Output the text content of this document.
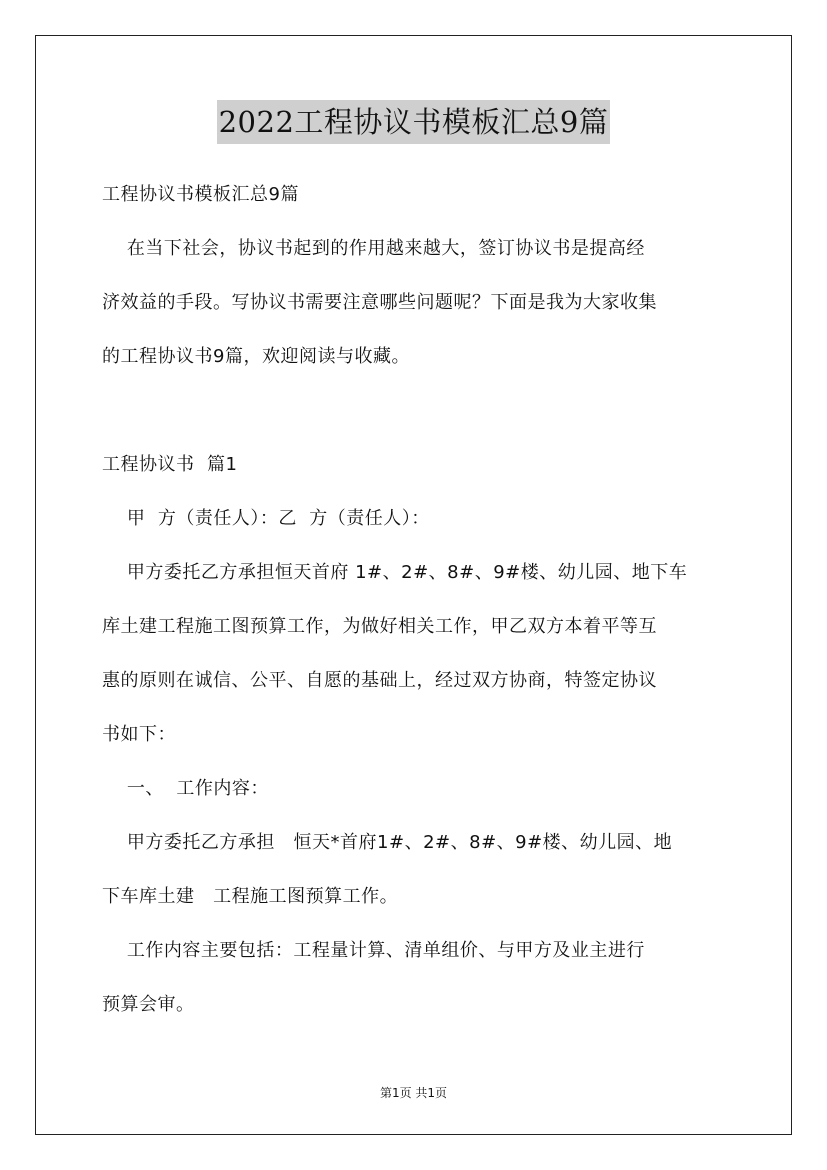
2022工程协议书模板汇总9篇
工程协议书模板汇总9篇
在当下社会，协议书起到的作用越来越大，签订协议书是提高经
济效益的手段。写协议书需要注意哪些问题呢？下面是我为大家收集
的工程协议书9篇，欢迎阅读与收藏。
工程协议书  篇1
甲  方（责任人）：乙  方（责任人）：
甲方委托乙方承担恒天首府 1#、2#、8#、9#楼、幼儿园、地下车
库土建工程施工图预算工作，为做好相关工作，甲乙双方本着平等互
惠的原则在诚信、公平、自愿的基础上，经过双方协商，特签定协议
书如下：
一、  工作内容：
甲方委托乙方承担   恒天*首府1#、2#、8#、9#楼、幼儿园、地
下车库土建   工程施工图预算工作。
工作内容主要包括：工程量计算、清单组价、与甲方及业主进行
预算会审。
第1页 共1页
